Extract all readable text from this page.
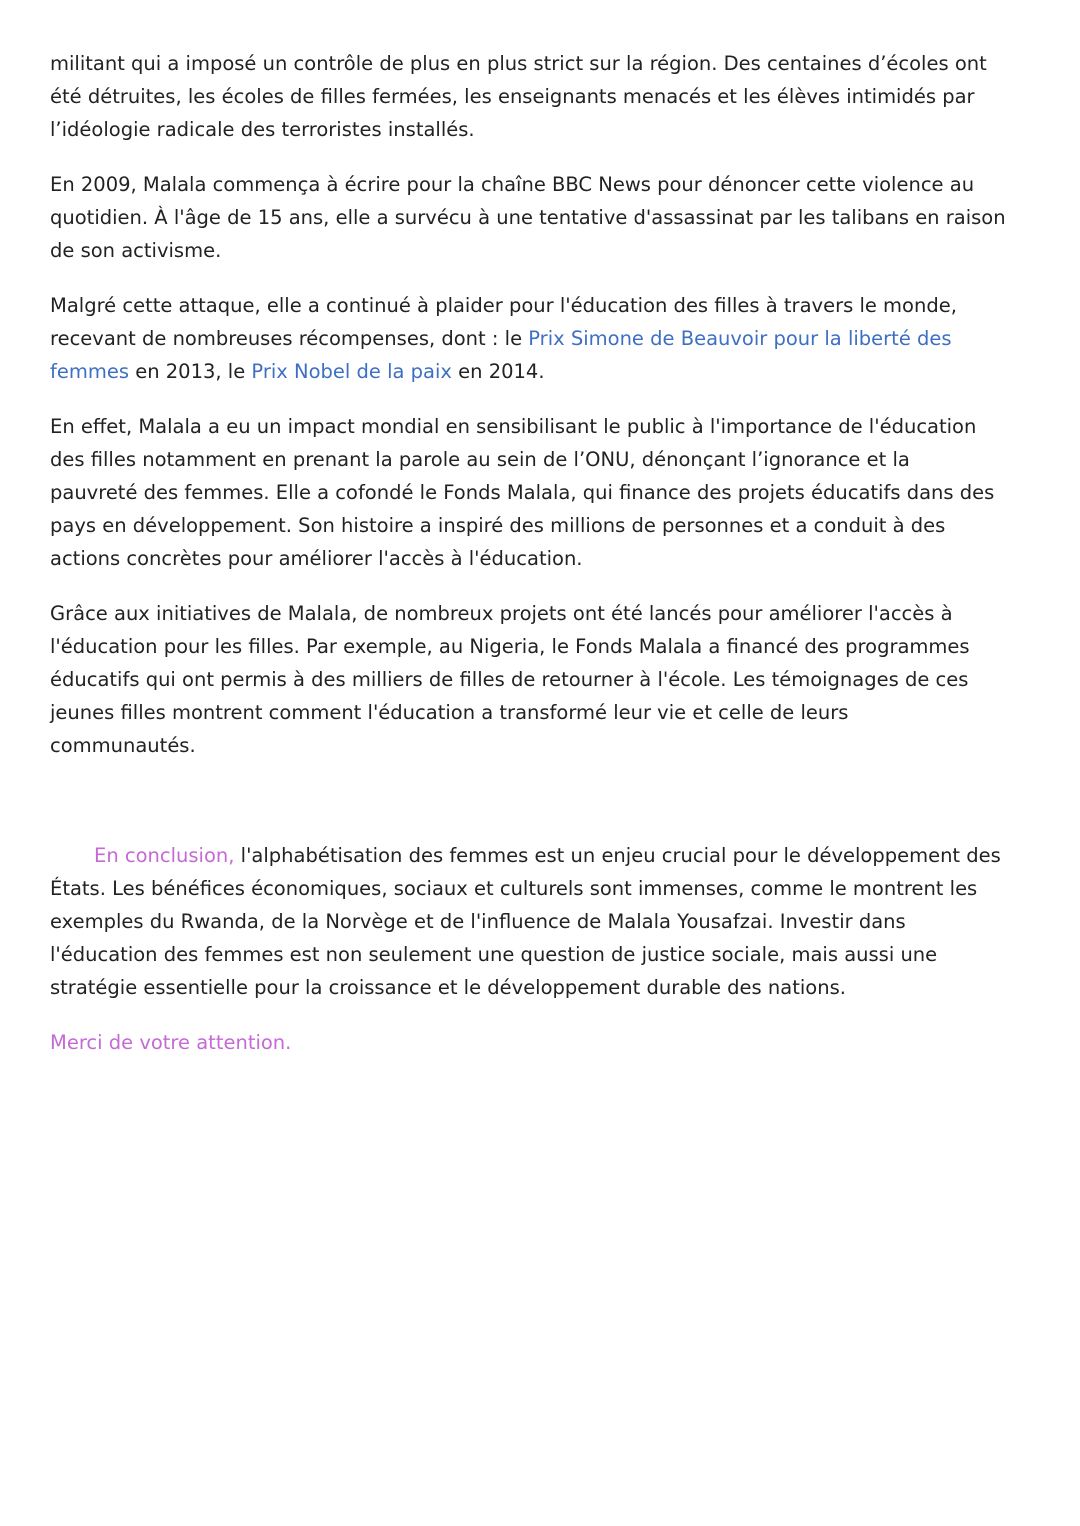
militant qui a imposé un contrôle de plus en plus strict sur la région. Des centaines d’écoles ont
été détruites, les écoles de filles fermées, les enseignants menacés et les élèves intimidés par
l’idéologie radicale des terroristes installés.

En 2009, Malala commença à écrire pour la chaîne BBC News pour dénoncer cette violence au
quotidien. À l'âge de 15 ans, elle a survécu à une tentative d'assassinat par les talibans en raison
de son activisme.

Malgré cette attaque, elle a continué à plaider pour l'éducation des filles à travers le monde,
recevant de nombreuses récompenses, dont : le Prix Simone de Beauvoir pour la liberté des
femmes en 2013, le Prix Nobel de la paix en 2014.

En effet, Malala a eu un impact mondial en sensibilisant le public à l'importance de l'éducation
des filles notamment en prenant la parole au sein de l’ONU, dénonçant l’ignorance et la
pauvreté des femmes. Elle a cofondé le Fonds Malala, qui finance des projets éducatifs dans des
pays en développement. Son histoire a inspiré des millions de personnes et a conduit à des
actions concrètes pour améliorer l'accès à l'éducation.

Grâce aux initiatives de Malala, de nombreux projets ont été lancés pour améliorer l'accès à
l'éducation pour les filles. Par exemple, au Nigeria, le Fonds Malala a financé des programmes
éducatifs qui ont permis à des milliers de filles de retourner à l'école. Les témoignages de ces
jeunes filles montrent comment l'éducation a transformé leur vie et celle de leurs
communautés.

En conclusion, l'alphabétisation des femmes est un enjeu crucial pour le développement des
États. Les bénéfices économiques, sociaux et culturels sont immenses, comme le montrent les
exemples du Rwanda, de la Norvège et de l'influence de Malala Yousafzai. Investir dans
l'éducation des femmes est non seulement une question de justice sociale, mais aussi une
stratégie essentielle pour la croissance et le développement durable des nations.

Merci de votre attention.
